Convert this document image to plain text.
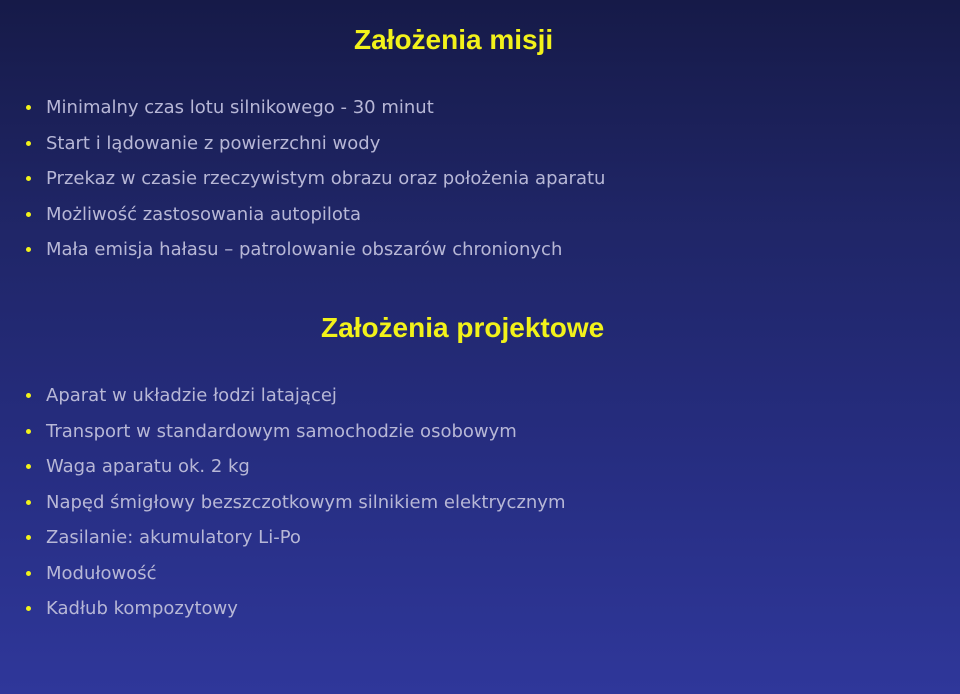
Założenia misji
Minimalny czas lotu silnikowego - 30 minut
Start i lądowanie z powierzchni wody
Przekaz w czasie rzeczywistym obrazu oraz położenia aparatu
Możliwość zastosowania autopilota
Mała emisja hałasu – patrolowanie obszarów chronionych
Założenia projektowe
Aparat w układzie łodzi latającej
Transport w standardowym samochodzie osobowym
Waga aparatu ok. 2 kg
Napęd śmigłowy bezszczotkowym silnikiem elektrycznym
Zasilanie: akumulatory Li-Po
Modułowość
Kadłub kompozytowy
